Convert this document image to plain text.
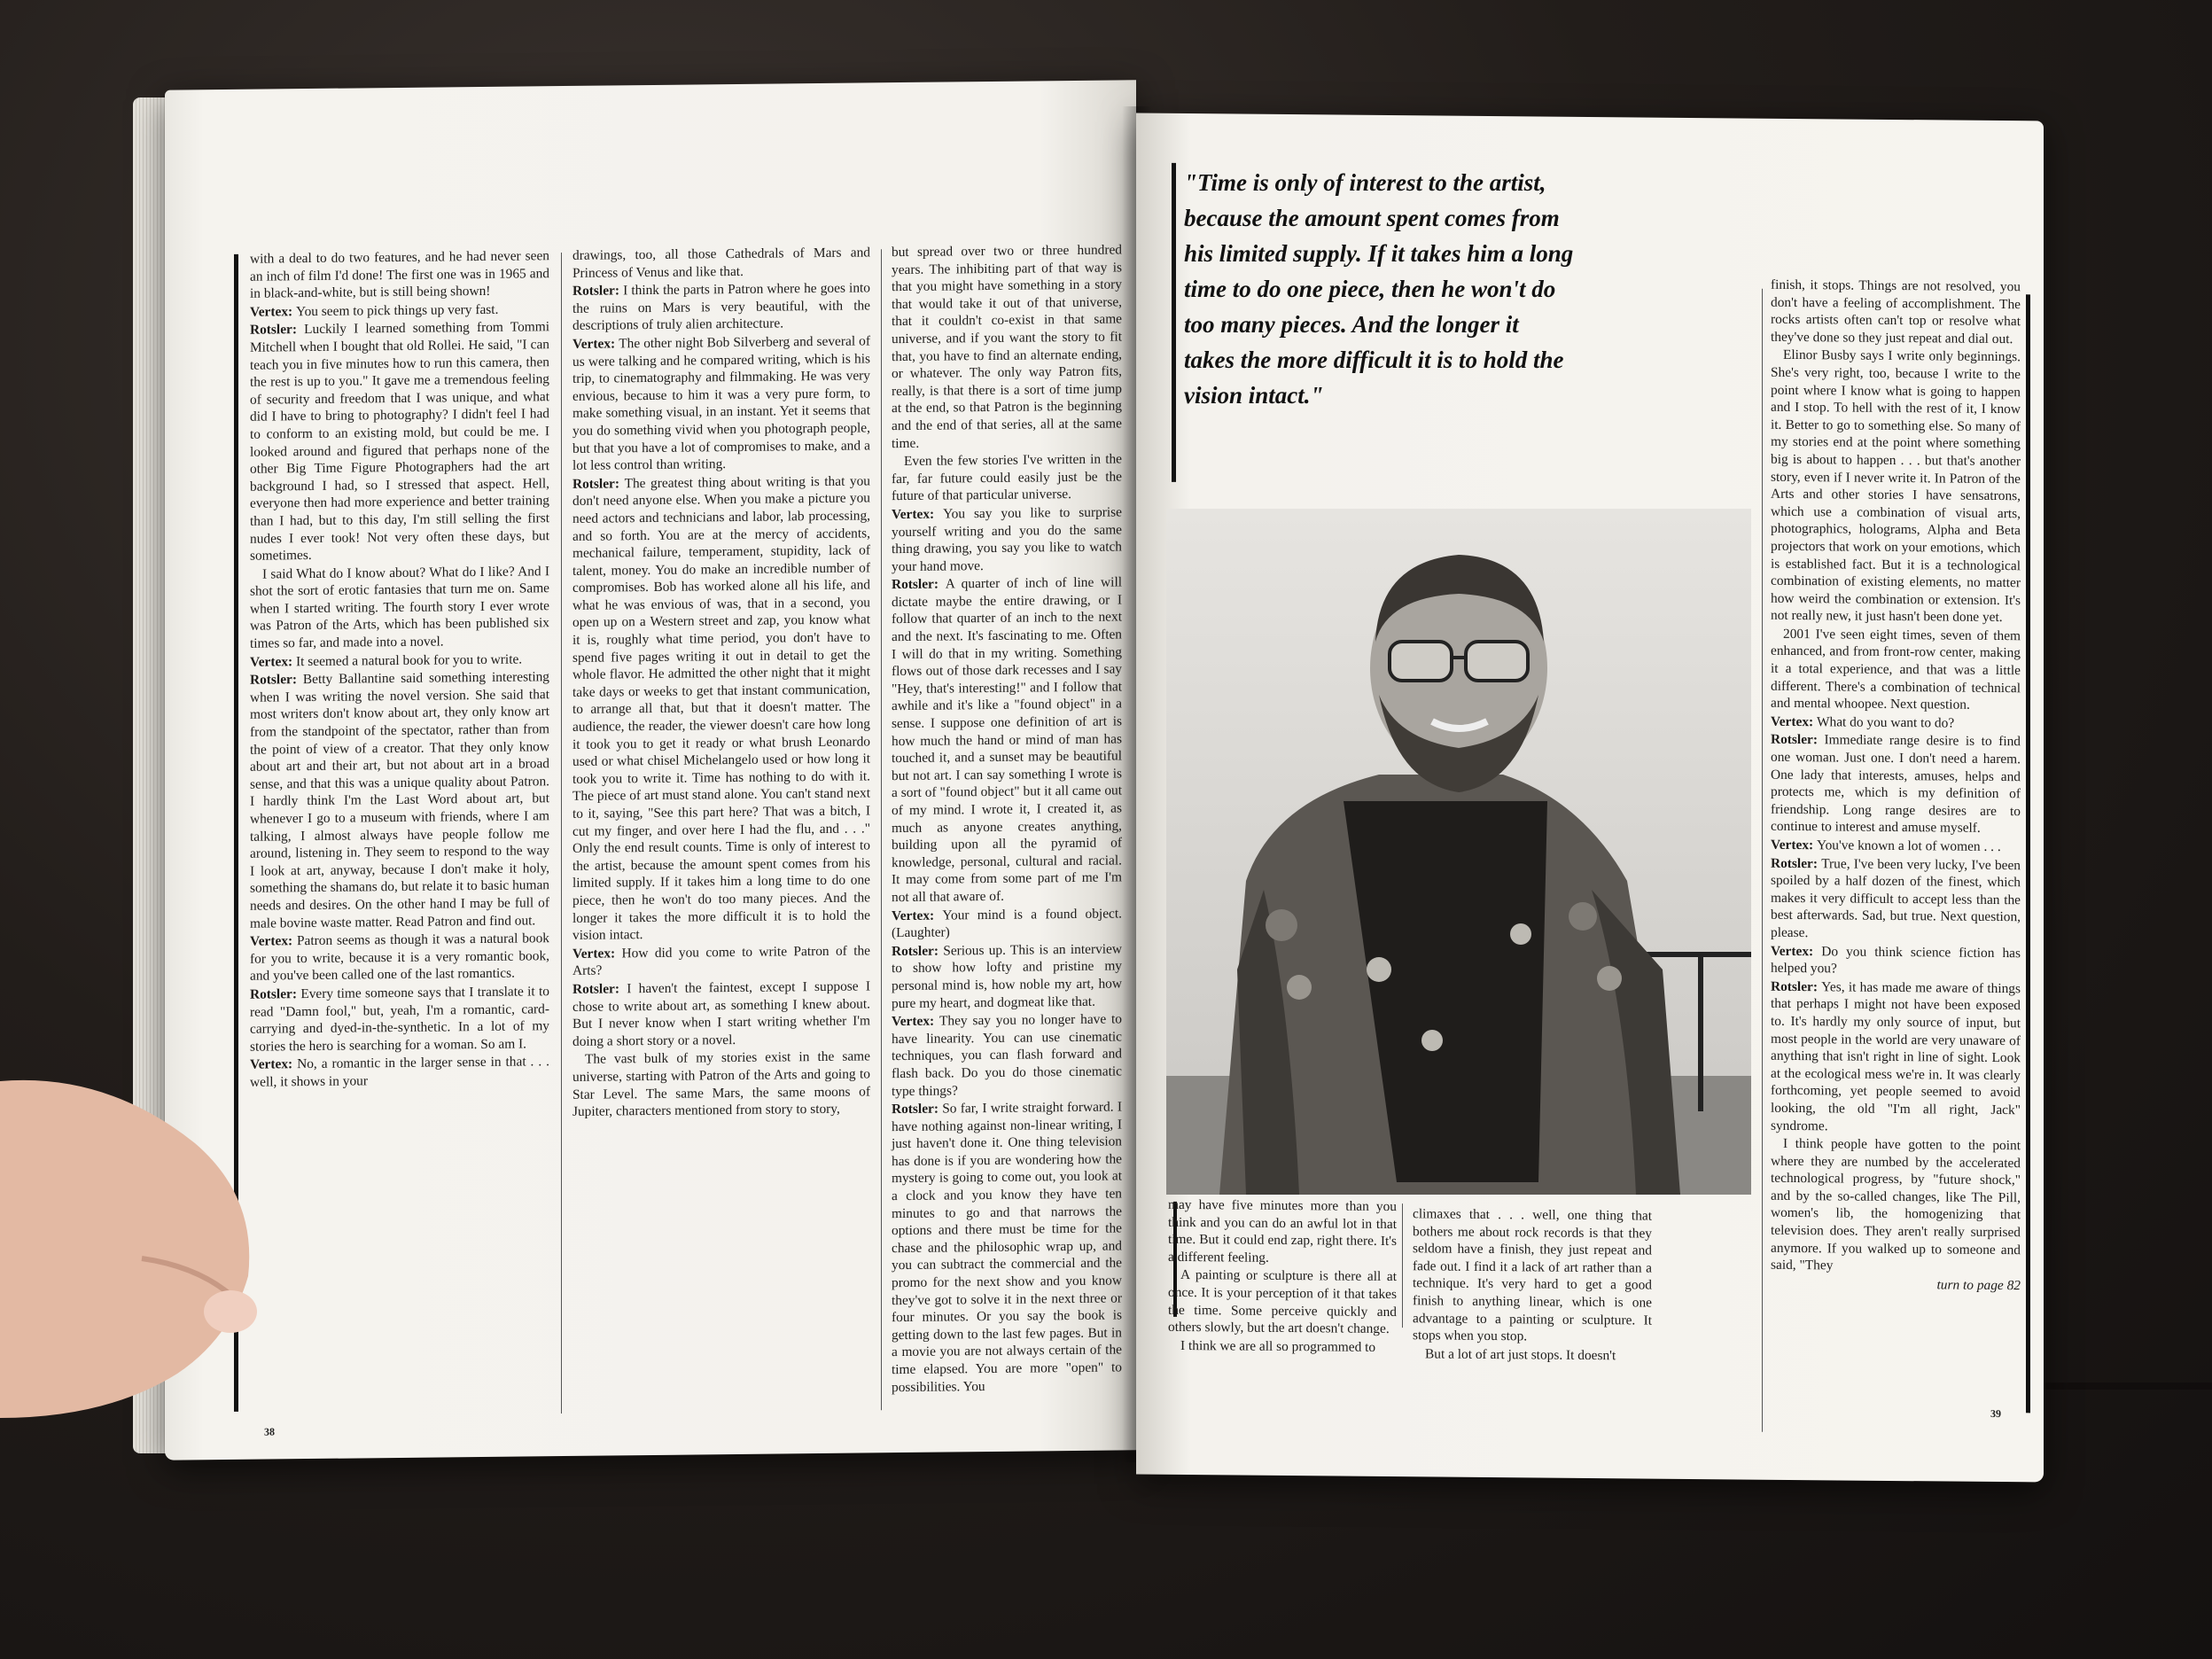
with a deal to do two features, and he had never seen an inch of film I'd done! The first one was in 1965 and in black-and-white, but is still being shown!

Vertex: You seem to pick things up very fast.

Rotsler: Luckily I learned something from Tommi Mitchell when I bought that old Rollei. He said, "I can teach you in five minutes how to run this camera, then the rest is up to you." It gave me a tremendous feeling of security and freedom that I was unique, and what did I have to bring to photography? I didn't feel I had to conform to an existing mold, but could be me. I looked around and figured that perhaps none of the other Big Time Figure Photographers had the art background I had, so I stressed that aspect. Hell, everyone then had more experience and better training than I had, but to this day, I'm still selling the first nudes I ever took! Not very often these days, but sometimes.

I said What do I know about? What do I like? And I shot the sort of erotic fantasies that turn me on. Same when I started writing. The fourth story I ever wrote was Patron of the Arts, which has been published six times so far, and made into a novel.

Vertex: It seemed a natural book for you to write.

Rotsler: Betty Ballantine said something interesting when I was writing the novel version. She said that most writers don't know about art, they only know art from the standpoint of the spectator, rather than from the point of view of a creator. That they only know about art and their art, but not about art in a broad sense, and that this was a unique quality about Patron. I hardly think I'm the Last Word about art, but whenever I go to a museum with friends, where I am talking, I almost always have people follow me around, listening in. They seem to respond to the way I look at art, anyway, because I don't make it holy, something the shamans do, but relate it to basic human needs and desires. On the other hand I may be full of male bovine waste matter. Read Patron and find out.

Vertex: Patron seems as though it was a natural book for you to write, because it is a very romantic book, and you've been called one of the last romantics.

Rotsler: Every time someone says that I translate it to read "Damn fool," but, yeah, I'm a romantic, card-carrying and dyed-in-the-synthetic. In a lot of my stories the hero is searching for a woman. So am I.

Vertex: No, a romantic in the larger sense in that . . . well, it shows in your

drawings, too, all those Cathedrals of Mars and Princess of Venus and like that.

Rotsler: I think the parts in Patron where he goes into the ruins on Mars is very beautiful, with the descriptions of truly alien architecture.

Vertex: The other night Bob Silverberg and several of us were talking and he compared writing, which is his trip, to cinematography and filmmaking. He was very envious, because to him it was a very pure form, to make something visual, in an instant. Yet it seems that you do something vivid when you photograph people, but that you have a lot of compromises to make, and a lot less control than writing.

Rotsler: The greatest thing about writing is that you don't need anyone else. When you make a picture you need actors and technicians and labor, lab processing, and so forth. You are at the mercy of accidents, mechanical failure, temperament, stupidity, lack of talent, money. You do make an incredible number of compromises. Bob has worked alone all his life, and what he was envious of was, that in a second, you open up on a Western street and zap, you know what it is, roughly what time period, you don't have to spend five pages writing it out in detail to get the whole flavor. He admitted the other night that it might take days or weeks to get that instant communication, to arrange all that, but that it doesn't matter. The audience, the reader, the viewer doesn't care how long it took you to get it ready or what brush Leonardo used or what chisel Michelangelo used or how long it took you to write it. Time has nothing to do with it. The piece of art must stand alone. You can't stand next to it, saying, "See this part here? That was a bitch, I cut my finger, and over here I had the flu, and . . ." Only the end result counts. Time is only of interest to the artist, because the amount spent comes from his limited supply. If it takes him a long time to do one piece, then he won't do too many pieces. And the longer it takes the more difficult it is to hold the vision intact.

Vertex: How did you come to write Patron of the Arts?

Rotsler: I haven't the faintest, except I suppose I chose to write about art, as something I knew about. But I never know when I start writing whether I'm doing a short story or a novel.

The vast bulk of my stories exist in the same universe, starting with Patron of the Arts and going to Star Level. The same Mars, the same moons of Jupiter, characters mentioned from story to story,

but spread over two or three hundred years. The inhibiting part of that way is that you might have something in a story that would take it out of that universe, that it couldn't co-exist in that same universe, and if you want the story to fit that, you have to find an alternate ending, or whatever. The only way Patron fits, really, is that there is a sort of time jump at the end, so that Patron is the beginning and the end of that series, all at the same time.

Even the few stories I've written in the far, far future could easily just be the future of that particular universe.

Vertex: You say you like to surprise yourself writing and you do the same thing drawing, you say you like to watch your hand move.

Rotsler: A quarter of inch of line will dictate maybe the entire drawing, or I follow that quarter of an inch to the next and the next. It's fascinating to me. Often I will do that in my writing. Something flows out of those dark recesses and I say "Hey, that's interesting!" and I follow that awhile and it's like a "found object" in a sense. I suppose one definition of art is how much the hand or mind of man has touched it, and a sunset may be beautiful but not art. I can say something I wrote is a sort of "found object" but it all came out of my mind. I wrote it, I created it, as much as anyone creates anything, building upon all the pyramid of knowledge, personal, cultural and racial. It may come from some part of me I'm not all that aware of.

Vertex: Your mind is a found object. (Laughter)

Rotsler: Serious up. This is an interview to show how lofty and pristine my personal mind is, how noble my art, how pure my heart, and dogmeat like that.

Vertex: They say you no longer have to have linearity. You can use cinematic techniques, you can flash forward and flash back. Do you do those cinematic type things?

Rotsler: So far, I write straight forward. I have nothing against non-linear writing, I just haven't done it. One thing television has done is if you are wondering how the mystery is going to come out, you look at a clock and you know they have ten minutes to go and that narrows the options and there must be time for the chase and the philosophic wrap up, and you can subtract the commercial and the promo for the next show and you know they've got to solve it in the next three or four minutes. Or you say the book is getting down to the last few pages. But in a movie you are not always certain of the time elapsed. You are more "open" to possibilities. You

38

may have five minutes more than you think and you can do an awful lot in that time. But it could end zap, right there. It's a different feeling.

A painting or sculpture is there all at once. It is your perception of it that takes the time. Some perceive quickly and others slowly, but the art doesn't change.

I think we are all so programmed to

climaxes that . . . well, one thing that bothers me about rock records is that they seldom have a finish, they just repeat and fade out. I find it a lack of art rather than a technique. It's very hard to get a good finish to anything linear, which is one advantage to a painting or sculpture. It stops when you stop.

But a lot of art just stops. It doesn't

finish, it stops. Things are not resolved, you don't have a feeling of accomplishment. The rocks artists often can't top or resolve what they've done so they just repeat and dial out.

Elinor Busby says I write only beginnings. She's very right, too, because I write to the point where I know what is going to happen and I stop. To hell with the rest of it, I know it. Better to go to something else. So many of my stories end at the point where something big is about to happen . . . but that's another story, even if I never write it. In Patron of the Arts and other stories I have sensatrons, which use a combination of visual arts, photographics, holograms, Alpha and Beta projectors that work on your emotions, which is established fact. But it is a technological combination of existing elements, no matter how weird the combination or extension. It's not really new, it just hasn't been done yet.

2001 I've seen eight times, seven of them enhanced, and from front-row center, making it a total experience, and that was a little different. There's a combination of technical and mental whoopee. Next question.

Vertex: What do you want to do?

Rotsler: Immediate range desire is to find one woman. Just one. I don't need a harem. One lady that interests, amuses, helps and protects me, which is my definition of friendship. Long range desires are to continue to interest and amuse myself.

Vertex: You've known a lot of women . . .

Rotsler: True, I've been very lucky, I've been spoiled by a half dozen of the finest, which makes it very difficult to accept less than the best afterwards. Sad, but true. Next question, please.

Vertex: Do you think science fiction has helped you?

Rotsler: Yes, it has made me aware of things that perhaps I might not have been exposed to. It's hardly my only source of input, but most people in the world are very unaware of anything that isn't right in line of sight. Look at the ecological mess we're in. It was clearly forthcoming, yet people seemed to avoid looking, the old "I'm all right, Jack" syndrome.

I think people have gotten to the point where they are numbed by the accelerated technological progress, by "future shock," and by the so-called changes, like The Pill, women's lib, the homogenizing that television does. They aren't really surprised anymore. If you walked up to someone and said, "They

turn to page 82
39
"Time is only of interest to the artist, because the amount spent comes from his limited supply. If it takes him a long time to do one piece, then he won't do too many pieces. And the longer it takes the more difficult it is to hold the vision intact."
